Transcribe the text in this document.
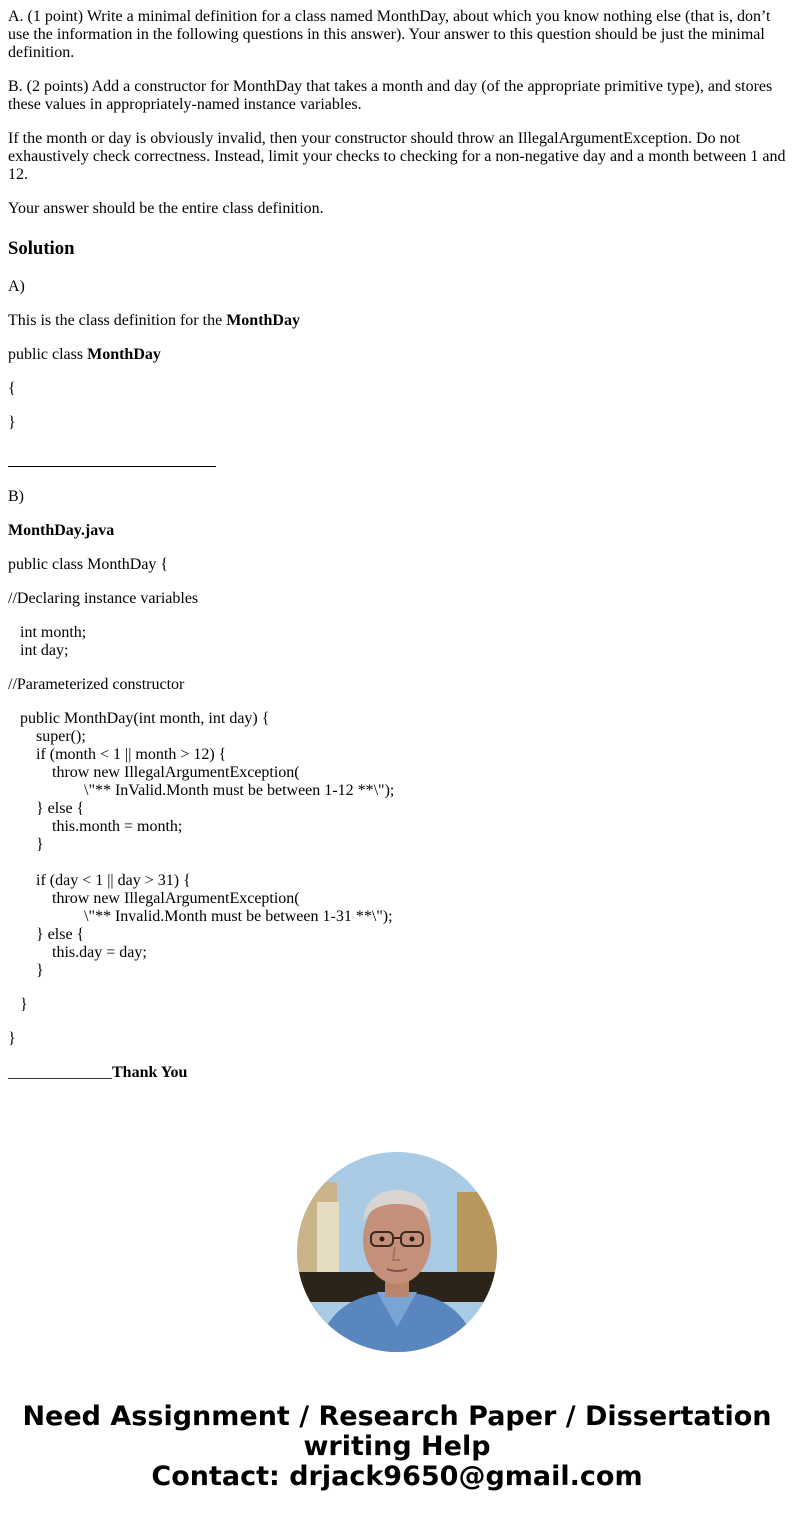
A. (1 point) Write a minimal definition for a class named MonthDay, about which you know nothing else (that is, don’t use the information in the following questions in this answer). Your answer to this question should be just the minimal definition.

B. (2 points) Add a constructor for MonthDay that takes a month and day (of the appropriate primitive type), and stores these values in appropriately-named instance variables.

If the month or day is obviously invalid, then your constructor should throw an IllegalArgumentException. Do not exhaustively check correctness. Instead, limit your checks to checking for a non-negative day and a month between 1 and 12.

Your answer should be the entire class definition.

Solution

A)

This is the class definition for the MonthDay

public class MonthDay

{

}

B)

MonthDay.java

public class MonthDay {

//Declaring instance variables

int month;
int day;

//Parameterized constructor

public MonthDay(int month, int day) {
super();
if (month < 1 || month > 12) {
throw new IllegalArgumentException(
\"** InValid.Month must be between 1-12 **\");
} else {
this.month = month;
}

if (day < 1 || day > 31) {
throw new IllegalArgumentException(
\"** Invalid.Month must be between 1-31 **\");
} else {
this.day = day;
}

}

}

_____________Thank You

Need Assignment / Research Paper / Dissertation
writing Help
Contact: drjack9650@gmail.com
